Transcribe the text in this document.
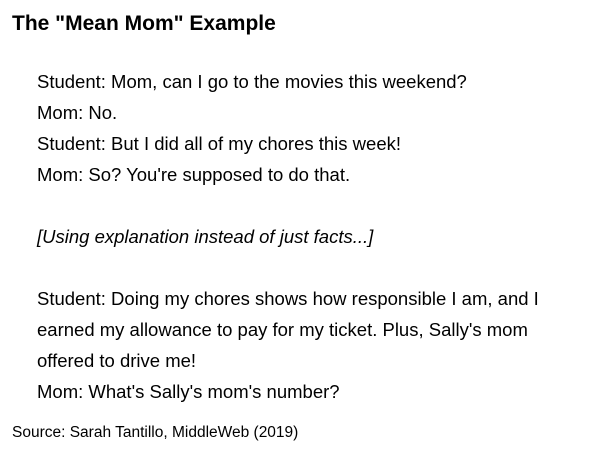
The "Mean Mom" Example
Student: Mom, can I go to the movies this weekend?
Mom: No.
Student: But I did all of my chores this week!
Mom: So? You're supposed to do that.
[Using explanation instead of just facts...]
Student: Doing my chores shows how responsible I am, and I earned my allowance to pay for my ticket. Plus, Sally's mom offered to drive me!
Mom: What's Sally's mom's number?
Source: Sarah Tantillo, MiddleWeb (2019)
